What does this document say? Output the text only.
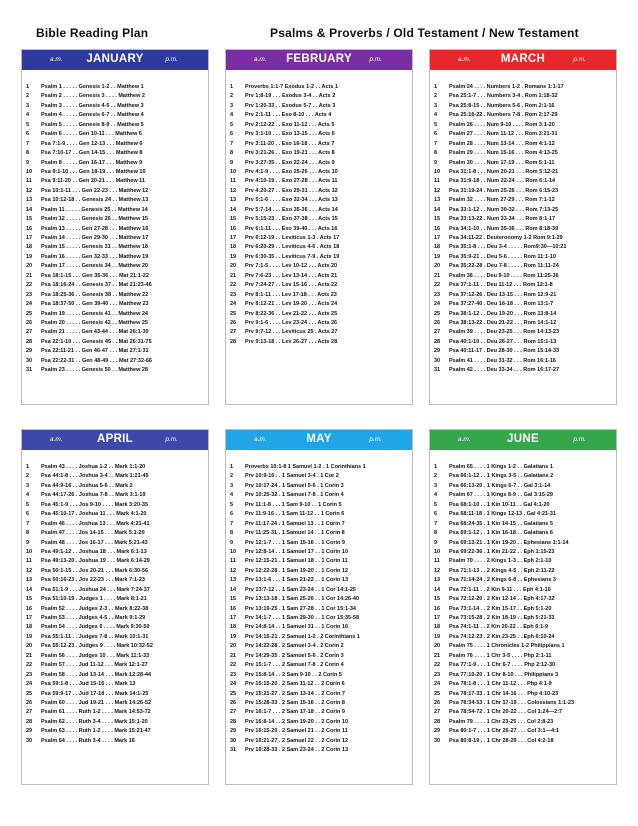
Bible Reading Plan	Psalms & Proverbs / Old Testament / New Testament
a.m.	JANUARY	p.m.
1	Psalm 1 . . . . . Genesis 1-2 . . Matthew 1
2	Psalm 2 . . . . . Genesis 3 . . . . Matthew 2
3	Psalm 3 . . . . . Genesis 4-5 . . Matthew 3
4	Psalm 4 . . . . . Genesis 6-7 . . Matthew 4
5	Psalm 5 . . . . . Genesis 8-9 . . Matthew 5
6	Psalm 6 . . . . . Gen 10-11 . . . Matthew 6
7	Psa 7:1-9 . . . . Gen 12-13 . . . Matthew 6
8	Psa 7:10-17 . . Gen 14-15 . . . Matthew 8
9	Psalm 8 . . . . . Gen 16-17 . . . Matthew 9
10	Psa 9:1-10 . . . Gen 18-19 . . . Matthew 10
11	Psa 9:11-20 . . Gen 20-21 . . . Matthew 11
12	Psa 10:1-11 . . . Gen 22-23 . . . Matthew 12
13	Psa 10:12-18 . . Genesis 24 . . Matthew 13
14	Psalm 11 . . . . . Genesis 25 . . Matthew 14
15	Psalm 12 . . . . . Genesis 26 . . Matthew 15
16	Psalm 13 . . . . . Gen 27-28 . . . Matthew 16
17	Psalm 14 . . . . . Gen 29-30 . . . Matthew 17
18	Psalm 15 . . . . . Genesis 31 . . Matthew 18
19	Psalm 16 . . . . . Gen 32-33 . . . Matthew 19
20	Psalm 17 . . . . . Genesis 34 . . Matthew 20
21	Psa 18:1-15 . . . Gen 35-36 . . . Mat 21:1-22
22	Psa 18:16-24 . . Genesis 37 . . Mat 21:23-46
23	Psa 18:25-36 . . Genesis 38 . . Matthew 22
24	Psa 18:37-50 . . Gen 39-40 . . . Matthew 23
25	Psalm 19 . . . . . Genesis 41 . . Matthew 24
26	Psalm 20 . . . . . Genesis 42 . . Matthew 25
27	Psalm 21 . . . . . Gen 43-44 . . . Mat 26:1-30
28	Psa 22:1-10 . . . Genesis 45 . . Mat 26:31-75
29	Psa 22:11-21 . . Gen 46-47 . . . Mat 27:1-31
30	Psa 22:22-31 . . Gen 48-49 . . . Mat 27:32-66
31	Psalm 23 . . . . . Genesis 50 . . Matthew 28
a.m.	FEBRUARY	p.m.
1	Proverbs 1:1-7 Exodus 1-2 . . Acts 1
2	Prv 1:8-19 . . . Exodus 3-4 . . Acts 2
3	Prv 1:20-33 . . Exodus 5-7 . . Acts 3
4	Prv 2:1-11 . . . Exo 8-10 . . . Acts 4
5	Prv 2:12-22 . . Exo 11-12 . . . Acts 5
6	Prv 3:1-10 . . . Exo 13-15 . . . Acts 6
7	Prv 3:11-20 . . Exo 16-18 . . . Acts 7
8	Prv 3:21-26 . . Exo 19-21 . . . Acts 8
9	Prv 3:27-35 . . Exo 22-24 . . . Acts 9
10	Prv 4:1-9 . . . . Exo 25-26 . . . Acts 10
11	Prv 4:10-19 . . Exo 27-28 . . . Acts 11
12	Prv 4:20-27 . . Exo 29-31 . . . Acts 12
13	Prv 5:1-6 . . . . Exo 32-34 . . . Acts 13
14	Prv 5:7-14 . . . Exo 35-36 . . . Acts 14
15	Prv 5:15-23 . . Exo 37-38 . . . Acts 15
16	Prv 6:1-11 . . . Exo 39-40 . . . Acts 16
17	Prv 6:12-19 . . Leviticus 1-3 . Acts 17
18	Prv 6:20-29 . . Leviticus 4-6 . Acts 18
19	Prv 6:30-35 . . Leviticus 7-9 . Acts 19
20	Prv 7:1-5 . . . . Lev 10-12 . . . Acts 20
21	Prv 7:6-23 . . . Lev 13-14 . . . Acts 21
22	Prv 7:24-27 . . Lev 15-16 . . . Acts 22
23	Prv 8:1-11 . . . Lev 17-18 . . . Acts 23
24	Prv 8:12-21 . . Lev 19-20 . . . Acts 24
25	Prv 8:22-36 . . Lev 21-22 . . . Acts 25
26	Prv 9:1-6 . . . . Lev 23-24 . . . Acts 26
27	Prv 9:7-12 . . . Leviticus 25 . Acts 27
28	Prv 9:13-18 . . Lev 26-27 . . . Acts 28
a.m.	MARCH	p.m.
1	Psalm 24 . . . . Numbers 1-2 . Romans 1:1-17
2	Psa 25:1-7 . . . Numbers 3-4 . Rom 1:18-32
3	Psa 25:8-15 . . Numbers 5-6 . Rom 2:1-16
4	Psa 25:16-22 . Numbers 7-8 . Rom 2:17-29
5	Psalm 26 . . . . Num 9-10 . . . . Rom 3:1-20
6	Psalm 27 . . . . Num 11-12 . . . Rom 3:21-31
7	Psalm 28 . . . . Num 13-14 . . . Rom 4:1-12
8	Psalm 29 . . . . Num 15-16 . . . Rom 4:13-25
9	Psalm 30 . . . . Num 17-19 . . . Rom 5:1-11
10	Psa 31:1-8 . . . Num 20-21 . . . Rom 5:12-21
11	Psa 31:9-18 . . Num 22-24 . . . Rom 6:1-14
12	Psa 31:19-24 . Num 25-26 . . . Rom 6:15-23
13	Psalm 32 . . . . Num 27-29 . . . Rom 7:1-12
14	Psa 33:1-12 . . Num 30-32 . . . Rom 7:13-25
15	Psa 33:13-22 . Num 33-34 . . . Rom 8:1-17
16	Psa 34:1-10 . . Num 35-36 . . . Rom 8:18-39
17	Psa 34:11-22 . Deuteronomy 1-2 Rom 9:1-29
18	Psa 35:1-8 . . . Deu 3-4 . . . . . Rom9:30—10:21
19	Psa 35:9-21 . . Deu 5-6 . . . . . Rom 11:1-10
20	Psa 35:22-28 . Deu 7-8 . . . . . Rom 11:11-24
21	Psalm 36 . . . . Deu 9-10 . . . . Rom 11:25-36
22	Psa 37:1-11 . . Deu 11-12 . . . Rom 12:1-8
23	Psa 37:12-26 . Deu 13-15 . . . Rom 12:9-21
24	Psa 37:27-40 . Deu 16-18 . . . Rom 13:1-7
25	Psa 38:1-12 . . Deu 19-20 . . . Rom 13:8-14
26	Psa 38:13-22 . Deu 21-22 . . . Rom 14:1-12
27	Psalm 39 . . . . Deu 23-25 . . . Rom 14:13-23
28	Psa 40:1-10 . . Deu 26-27 . . . Rom 15:1-13
29	Psa 40:11-17 . Deu 28-30 . . . Rom 15:14-33
30	Psalm 41 . . . . Deu 31-32 . . . Rom 16:1-16
31	Psalm 42 . . . . Deu 33-34 . . . Rom 16:17-27
a.m.	APRIL	p.m.
1	Psalm 43 . . . . Joshua 1-2 . . Mark 1:1-20
2	Psa 44:1-8 . . . Joshua 3-4 . . Mark 1:21-45
3	Psa 44:9-16 . . Joshua 5-6 . . Mark 2
4	Psa 44:17-26 . Joshua 7-8 . . Mark 3:1-19
5	Psa 45:1-9 . . . Jos 9-10 . . . . Mark 3:20-35
6	Psa 45:10-17 . Joshua 11 . . . Mark 4:1-20
7	Psalm 46 . . . . Joshua 13 . . . Mark 4:21-41
8	Psalm 47 . . . . Jos 14-15 . . . Mark 5:1-20
9	Psalm 48 . . . . Jos 16-17 . . . Mark 5:21-43
10	Psa 49:1-12 . . Joshua 18 . . . Mark 6:1-13
11	Psa 49:13-20 . Joshua 19 . . . Mark 6:14-29
12	Psa 50:1-15 . . Jos 20-21 . . . Mark 6:30-56
13	Psa 50:16-23 . Jos 22-23 . . . Mark 7:1-23
14	Psa 51:1-9 . . . Joshua 24 . . . Mark 7:24-37
15	Psa 51:10-19 . Judges 1 . . . . Mark 8:1-21
16	Psalm 52 . . . . Judges 2-3 . . Mark 8:22-38
17	Psalm 53 . . . . Judges 4-5 . . Mark 9:1-29
18	Psalm 54 . . . . Judges 6 . . . . Mark 9:30-50
19	Psa 55:1-11 . . Judges 7-8 . . Mark 10:1-31
20	Psa 55:12-23 . Judges 9 . . . . Mark 10:32-52
21	Psalm 56 . . . . Judges 10 . . . Mark 11:1-33
22	Psalm 57 . . . . Jud 11-12 . . . Mark 12:1-27
23	Psalm 58 . . . . Jud 13-14 . . . Mark 12:28-44
24	Psa 59:1-8 . . . Jud 15-16 . . . Mark 13
25	Psa 59:9-17 . . Jud 17-18 . . . Mark 14:1-25
26	Psalm 60 . . . . Jud 19-21 . . . Mark 14:26-52
27	Psalm 61 . . . . Ruth 1-2 . . . . Mark 14:53-72
28	Psalm 62 . . . . Ruth 3-4 . . . . Mark 15:1-20
29	Psalm 63 . . . . Ruth 1-2 . . . . Mark 15:21-47
30	Psalm 64 . . . . Ruth 3-4 . . . . Mark 16
a.m.	MAY	p.m.
1	Proverbs 10:1-8 1 Samuel 1-2 . 1 Corinthians 1
2	Prv 10:9-16 . . 1 Samuel 3-4 . 1 Cor 2
3	Prv 10:17-24 . 1 Samuel 5-6 . 1 Corin 3
4	Prv 10:25-32 . 1 Samuel 7-8 . 1 Corin 4
5	Prv 11:1-8 . . . 1 Sam 9-10 . . 1 Corin 5
6	Prv 11:9-16 . . 1 Sam 11-12 . . 1 Corin 6
7	Prv 11:17-24 . 1 Samuel 13 . . 1 Corin 7
8	Prv 11:25-31 . 1 Samuel 14 . . 1 Corin 8
9	Prv 12:1-7 . . . 1 Sam 15-16 . . 1 Corin 9
10	Prv 12:8-14 . . 1 Samuel 17 . . 1 Corin 10
11	Prv 12:15-21 . 1 Samuel 18 . . 1 Corin 11
12	Prv 12:22-28 . 1 Sam 19-20 . . 1 Corin 12
13	Prv 13:1-6 . . . 1 Sam 21-22 . . 1 Corin 13
14	Prv 13:7-12 . . 1 Sam 23-24 . . 1 Cor 14:1-25
15	Prv 13:13-18 . 1 Sam 25-26 . . 1 Cor 14:26-40
16	Prv 13:19-25 . 1 Sam 27-28 . . 1 Cor 15:1-34
17	Prv 14:1-7 . . . 1 Sam 29-30 . . 1 Cor 15:35-58
18	Prv 14:8-14 . . 1 Samuel 31 . . 1 Corin 16
19	Prv 14:15-21 . 2 Samuel 1-2 . 2 Corinthians 1
20	Prv 14:22-28 . 2 Samuel 3-4 . 2 Corin 2
21	Prv 14:29-35 . 2 Samuel 5-6 . 2 Corin 3
22	Prv 15:1-7 . . . 2 Samuel 7-8 . 2 Corin 4
23	Prv 15:8-14 . . 2 Sam 9-10 . . 2 Corin 5
24	Prv 15:15-20 . 2 Sam 11-12 . . 2 Corin 6
25	Prv 15:21-27 . 2 Sam 13-14 . . 2 Corin 7
26	Prv 15:28-33 . 2 Sam 15-16 . . 2 Corin 8
27	Prv 16:1-7 . . . 2 Sam 17-18 . . 2 Corin 9
28	Prv 16:8-14 . . 2 Sam 19-20 . . 2 Corin 10
29	Prv 16:15-20 . 2 Samuel 21 . . 2 Corin 11
30	Prv 16:21-27 . 2 Samuel 22 . . 2 Corin 12
31	Prv 16:28-33 . 2 Sam 23-24 . . 2 Corin 13
a.m.	JUNE	p.m.
1	Psalm 65 . . . . 1 Kings 1-2 . . Galatians 1
2	Psa 66:1-12 . . 1 Kings 3-5 . . Galatians 2
3	Psa 66:13-20 . 1 Kings 6-7 . . Gal 3:1-14
4	Psalm 67 . . . . 1 Kings 8-9 . . Gal 3:15-29
5	Psa 68:1-10 . . 1 Kin 10-11 . . Gal 4:1-20
6	Psa 68:11-18 . 1 Kings 12-13 . Gal 4:21-31
7	Psa 68:24-35 . 1 Kin 14-15 . . Galatians 5
8	Psa 69:1-12 . . 1 Kin 16-18 . . Galatians 6
9	Psa 69:13-21 . 1 Kin 19-20 . . Ephesians 1:1-14
10	Psa 69:22-36 . 1 Kin 21-22 . . Eph 1:15-23
11	Psalm 70 . . . . 2 Kings 1-3 . . Eph 2:1-10
12	Psa 71:1-13 . . 2 Kings 4-5 . . Eph 2:11-22
13	Psa 71:14-24 . 2 Kings 6-8 . . Ephesians 3
14	Psa 72:1-11 . . 2 Kin 9-11 . . . Eph 4:1-16
15	Psa 72:12-20 . 2 Kin 12-14 . . Eph 4:17-32
16	Psa 73:1-14 . . 2 Kin 15-17 . . Eph 5:1-20
17	Psa 73:15-28 . 2 Kin 18-19 . . Eph 5:21-33
18	Psa 74:1-11 . . 2 Kin 20-22 . . Eph 6:1-9
19	Psa 74:12-23 . 2 Kin 23-25 . . Eph 6:10-24
20	Psalm 75 . . . . 1 Chronicles 1-2 Philippians 1
21	Psalm 76 . . . . 1 Chr 3-5 . . . . Php 2:1-11
22	Psa 77:1-9 . . . 1 Chr 6-7 . . . . Php 2:12-30
23	Psa 77:10-20 . 1 Chr 8-10 . . . Philippians 3
24	Psa 78:1-8 . . . 1 Chr 11-12 . . . Php 4:1-9
25	Psa 78:17-33 . 1 Chr 14-16 . . . Php 4:10-23
26	Psa 78:34-53 . 1 Chr 17-19 . . . Colossians 1:1-23
27	Psa 78:54-72 . 1 Chr 20-22 . . . Col 1:24—2:7
28	Psalm 79 . . . . 1 Chr 23-25 . . . Col 2:8-23
29	Psa 80:1-7 . . . 1 Chr 26-27 . . . Col 3:1—4:1
30	Psa 80:8-19 . . 1 Chr 28-29 . . . Col 4:2-18
